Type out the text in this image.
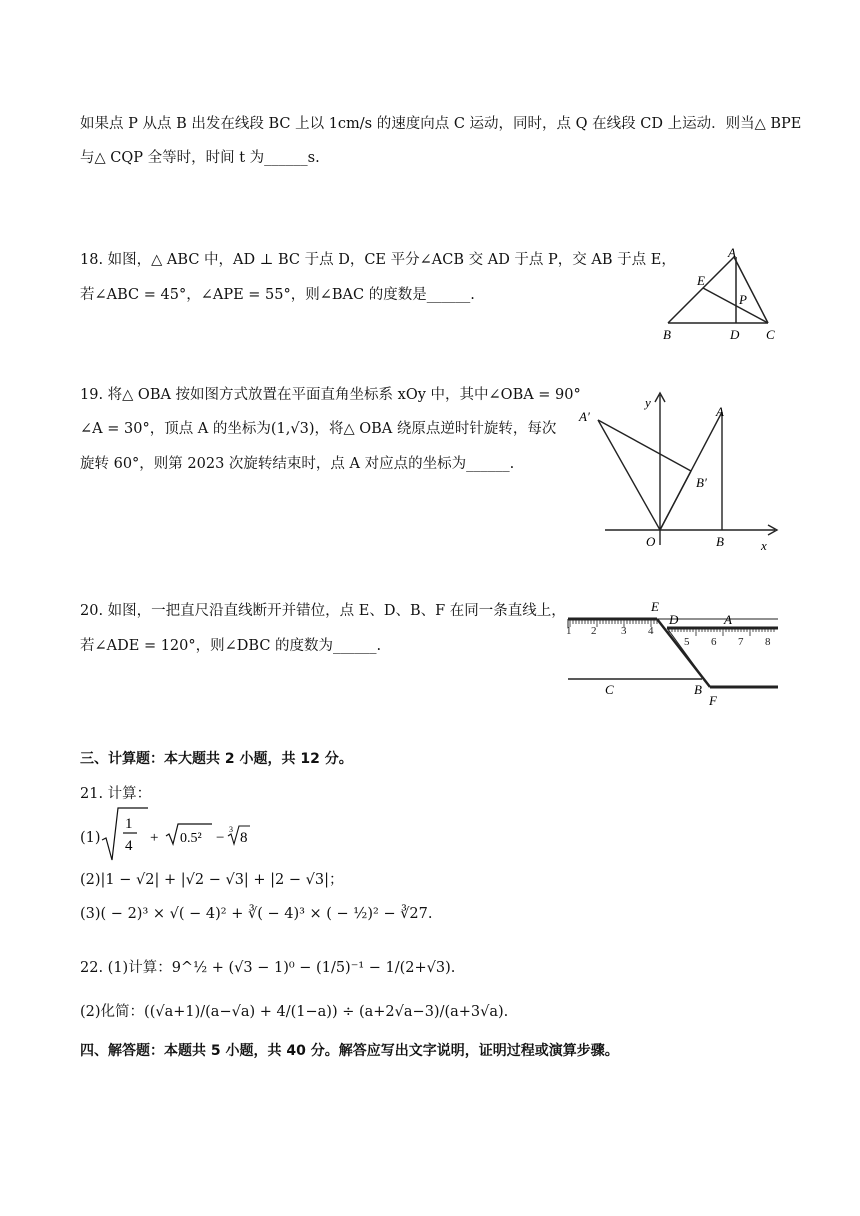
如果点 P 从点 B 出发在线段 BC 上以 1cm/s 的速度向点 C 运动，同时，点 Q 在线段 CD 上运动．则当△ BPE
与△ CQP 全等时，时间 t 为______s.
18. 如图，△ ABC 中，AD ⊥ BC 于点 D，CE 平分∠ACB 交 AD 于点 P，交 AB 于点 E，
若∠ABC = 45°，∠APE = 55°，则∠BAC 的度数是______.
A
E
P
B	D C
19. 将△ OBA 按如图方式放置在平面直角坐标系 xOy 中，其中∠OBA = 90°
∠A = 30°，顶点 A 的坐标为(1,√3)，将△ OBA 绕原点逆时针旋转，每次
旋转 60°，则第 2023 次旋转结束时，点 A 对应点的坐标为______.
y
x
O	B
A
A′
B′
20. 如图，一把直尺沿直线断开并错位，点 E、D、B、F 在同一条直线上，
若∠ADE = 120°，则∠DBC 的度数为______.
1 2 3 4
5 6 7 8
E
D	A
C	B
F
三、计算题：本大题共 2 小题，共 12 分。
21. 计算：
(1)
1
4 + 0.5² −
3
8
(2)|1 − √2| + |√2 − √3| + |2 − √3|；
(3)( − 2)³ × √( − 4)² + ∛( − 4)³ × ( − ½)² − ∛27.
22. (1)计算：9^½ + (√3 − 1)⁰ − (1/5)⁻¹ − 1/(2+√3).
(2)化简：((√a+1)/(a−√a) + 4/(1−a)) ÷ (a+2√a−3)/(a+3√a).
四、解答题：本题共 5 小题，共 40 分。解答应写出文字说明，证明过程或演算步骤。
